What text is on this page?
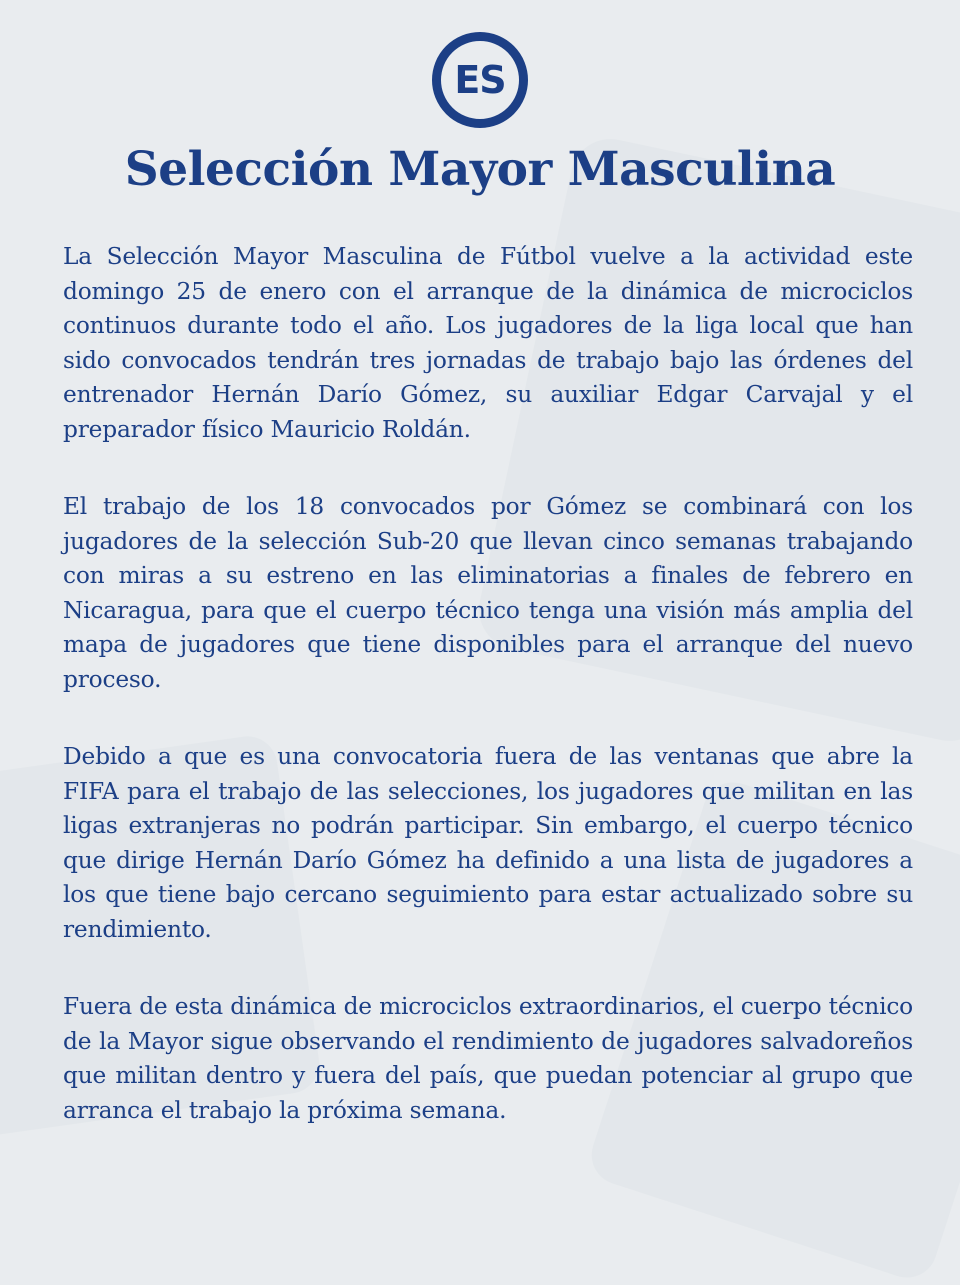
ES
Selección Mayor Masculina

La Selección Mayor Masculina de Fútbol vuelve a la actividad este domingo 25 de enero con el arranque de la dinámica de microciclos continuos durante todo el año. Los jugadores de la liga local que han sido convocados tendrán tres jornadas de trabajo bajo las órdenes del entrenador Hernán Darío Gómez, su auxiliar Edgar Carvajal y el preparador físico Mauricio Roldán.

El trabajo de los 18 convocados por Gómez se combinará con los jugadores de la selección Sub-20 que llevan cinco semanas trabajando con miras a su estreno en las eliminatorias a finales de febrero en Nicaragua, para que el cuerpo técnico tenga una visión más amplia del mapa de jugadores que tiene disponibles para el arranque del nuevo proceso.

Debido a que es una convocatoria fuera de las ventanas que abre la FIFA para el trabajo de las selecciones, los jugadores que militan en las ligas extranjeras no podrán participar. Sin embargo, el cuerpo técnico que dirige Hernán Darío Gómez ha definido a una lista de jugadores a los que tiene bajo cercano seguimiento para estar actualizado sobre su rendimiento.

Fuera de esta dinámica de microciclos extraordinarios, el cuerpo técnico de la Mayor sigue observando el rendimiento de jugadores salvadoreños que militan dentro y fuera del país, que puedan potenciar al grupo que arranca el trabajo la próxima semana.
